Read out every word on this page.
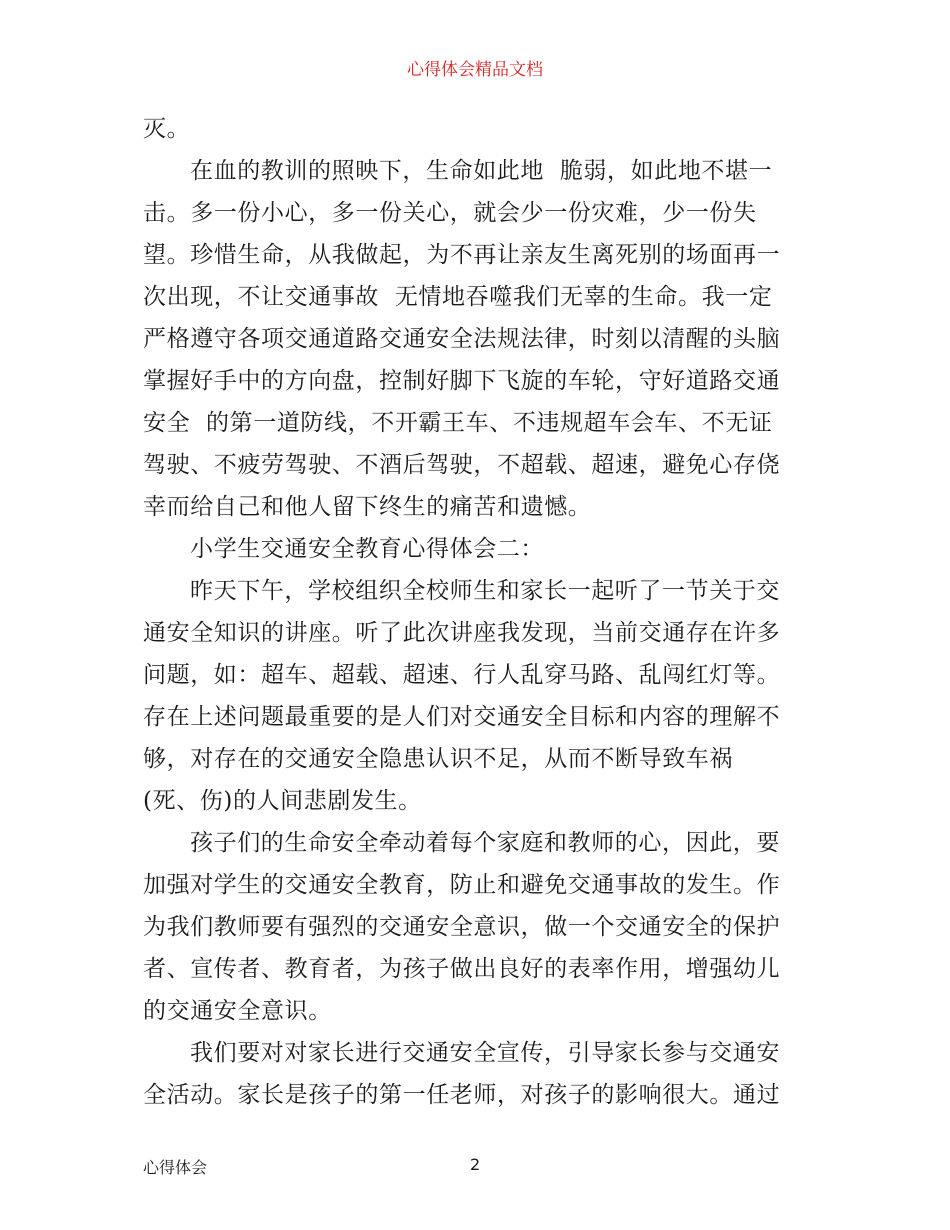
心得体会精品文档
灭。
在血的教训的照映下，生命如此地  脆弱，如此地不堪一
击。多一份小心，多一份关心，就会少一份灾难，少一份失
望。珍惜生命，从我做起，为不再让亲友生离死别的场面再一
次出现，不让交通事故  无情地吞噬我们无辜的生命。我一定
严格遵守各项交通道路交通安全法规法律，时刻以清醒的头脑
掌握好手中的方向盘，控制好脚下飞旋的车轮，守好道路交通
安全  的第一道防线，不开霸王车、不违规超车会车、不无证
驾驶、不疲劳驾驶、不酒后驾驶，不超载、超速，避免心存侥
幸而给自己和他人留下终生的痛苦和遗憾。
小学生交通安全教育心得体会二：
昨天下午，学校组织全校师生和家长一起听了一节关于交
通安全知识的讲座。听了此次讲座我发现，当前交通存在许多
问题，如：超车、超载、超速、行人乱穿马路、乱闯红灯等。
存在上述问题最重要的是人们对交通安全目标和内容的理解不
够，对存在的交通安全隐患认识不足，从而不断导致车祸
(死、伤)的人间悲剧发生。
孩子们的生命安全牵动着每个家庭和教师的心，因此，要
加强对学生的交通安全教育，防止和避免交通事故的发生。作
为我们教师要有强烈的交通安全意识，做一个交通安全的保护
者、宣传者、教育者，为孩子做出良好的表率作用，增强幼儿
的交通安全意识。
我们要对对家长进行交通安全宣传，引导家长参与交通安
全活动。家长是孩子的第一任老师，对孩子的影响很大。通过
心得体会	2
